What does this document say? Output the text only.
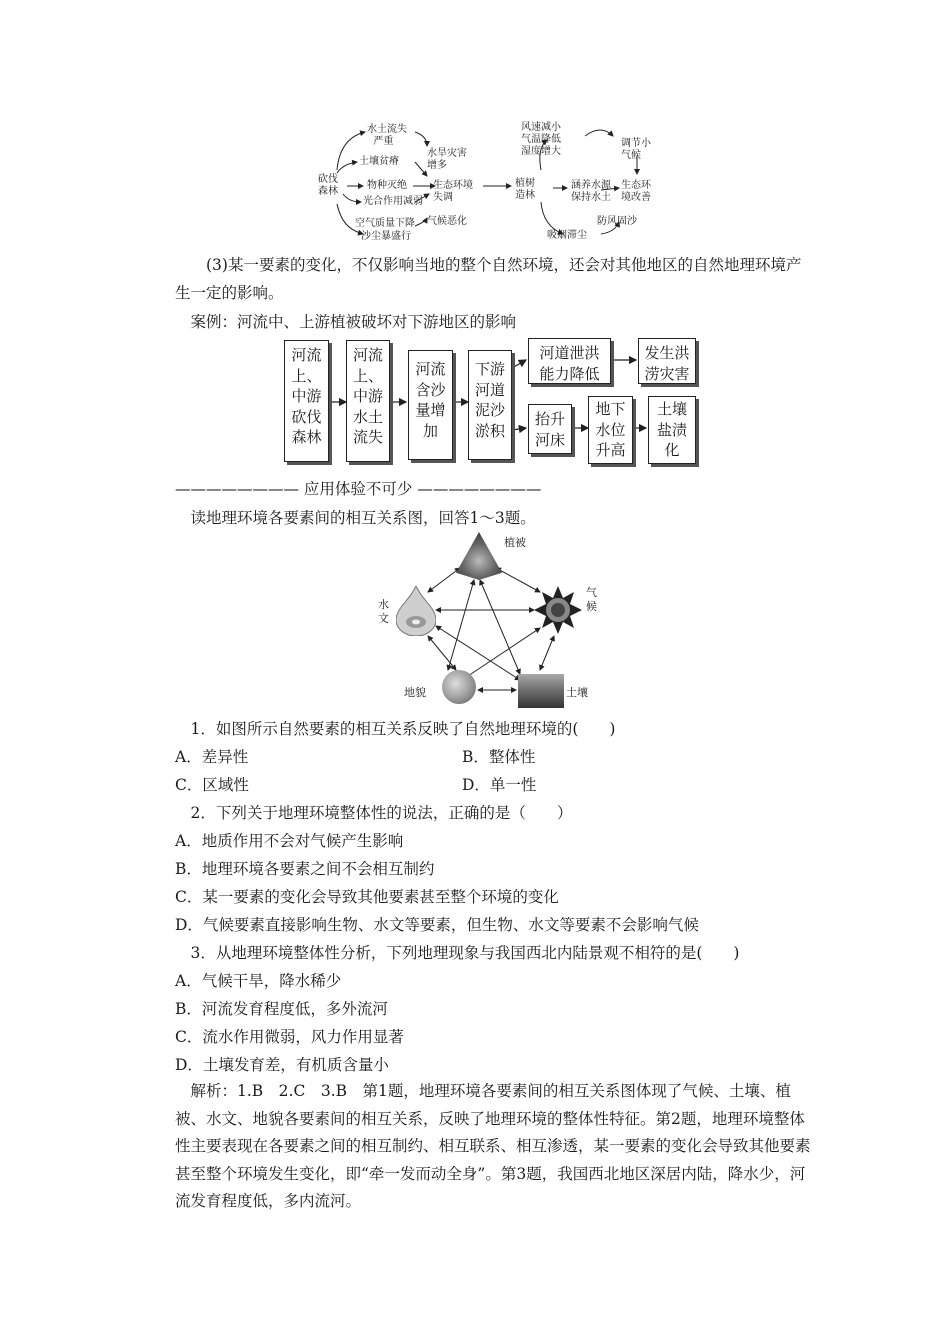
砍伐
森林
水土流失
严重
土壤贫瘠
物种灭绝
光合作用减弱
空气质量下降
沙尘暴盛行
水旱灾害
增多
生态环境
失调
气候恶化
植树
造林
风速减小
气温降低
湿度增大
涵养水源
保持水土
吸烟滞尘
调节小
气候
生态环
境改善
防风固沙
(3)某一要素的变化，不仅影响当地的整个自然环境，还会对其他地区的自然地理环境产生一定的影响。
案例：河流中、上游植被破坏对下游地区的影响
河流
上、
中游
砍伐
森林
河流
上、
中游
水土
流失
河流
含沙
量增
加
下游
河道
泥沙
淤积
河道泄洪
能力降低
发生洪
涝灾害
抬升
河床
地下
水位
升高
土壤
盐渍
化
———————— 应用体验不可少 ————————
读地理环境各要素间的相互关系图，回答1～3题。
植被
气
候
水
文
地貌	土壤
1．如图所示自然要素的相互关系反映了自然地理环境的(　　)
A．差异性	B．整体性
C．区域性	D．单一性
2．下列关于地理环境整体性的说法，正确的是（　　）
A．地质作用不会对气候产生影响
B．地理环境各要素之间不会相互制约
C．某一要素的变化会导致其他要素甚至整个环境的变化
D．气候要素直接影响生物、水文等要素，但生物、水文等要素不会影响气候
3．从地理环境整体性分析，下列地理现象与我国西北内陆景观不相符的是(　　)
A．气候干旱，降水稀少
B．河流发育程度低，多外流河
C．流水作用微弱，风力作用显著
D．土壤发育差，有机质含量小
解析：1.B　2.C　3.B　第1题，地理环境各要素间的相互关系图体现了气候、土壤、植被、水文、地貌各要素间的相互关系，反映了地理环境的整体性特征。第2题，地理环境整体性主要表现在各要素之间的相互制约、相互联系、相互渗透，某一要素的变化会导致其他要素甚至整个环境发生变化，即“牵一发而动全身”。第3题，我国西北地区深居内陆，降水少，河流发育程度低，多内流河。
